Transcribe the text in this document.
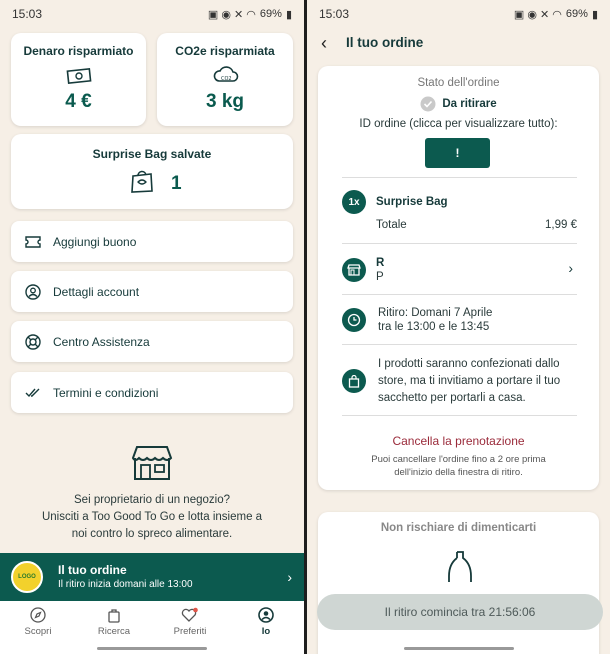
15:03	▣ ◉ ✕ ◠ 69% ▮
Denaro risparmiato
4 €
CO2e risparmiata
CO2
3 kg
Surprise Bag salvate
1
Aggiungi buono
Dettagli account
Centro Assistenza
Termini e condizioni
Sei proprietario di un negozio?
Unisciti a Too Good To Go e lotta insieme a
noi contro lo spreco alimentare.
LOGO	Il tuo ordine
Il ritiro inizia domani alle 13:00	›
Scopri	Ricerca	Preferiti	Io
15:03	▣ ◉ ✕ ◠ 69% ▮
‹ Il tuo ordine
Stato dell'ordine
Da ritirare
ID ordine (clicca per visualizzare tutto):
!
1x	Surprise Bag
Totale	1,99 €
R
P
›
Ritiro: Domani 7 Aprile
tra le 13:00 e le 13:45
I prodotti saranno confezionati dallo
store, ma ti invitiamo a portare il tuo
sacchetto per portarli a casa.
Cancella la prenotazione
Puoi cancellare l'ordine fino a 2 ore prima
dell'inizio della finestra di ritiro.
Non rischiare di dimenticarti
Il ritiro comincia tra 21:56:06
